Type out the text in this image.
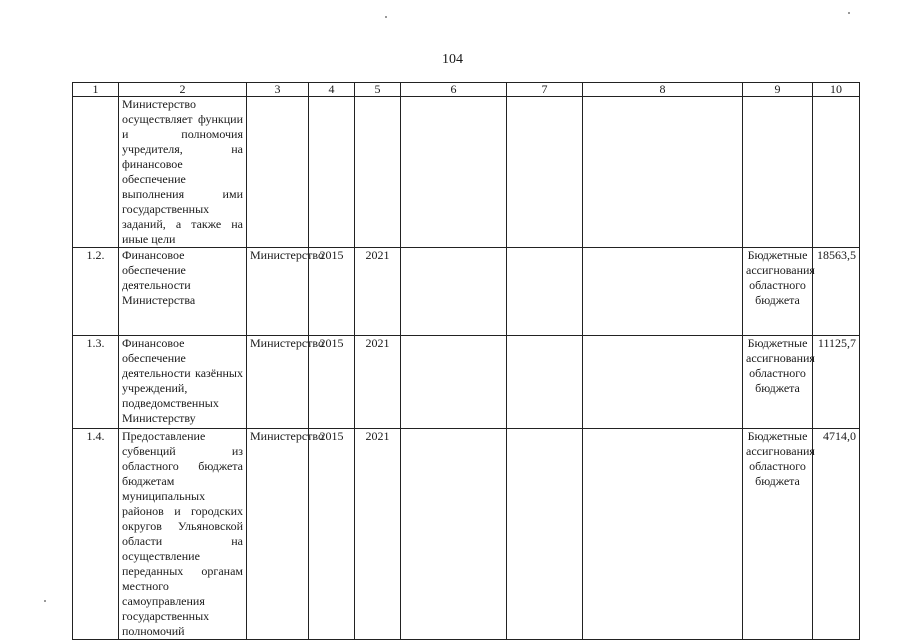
104
1	2	3	4	5	6	7	8	9	10
	Министерство осуществляет функции и полномочия учредителя, на финансовое обеспечение выполнения ими государственных заданий, а также на иные цели								
1.2.	Финансовое обеспечение деятельности Министерства	Министерство	2015	2021				Бюджетные ассигнования областного бюджета	18563,5
1.3.	Финансовое обеспечение деятельности казённых учреждений, подведомственных Министерству	Министерство	2015	2021				Бюджетные ассигнования областного бюджета	11125,7
1.4.	Предоставление субвенций из областного бюджета бюджетам муниципальных районов и городских округов Ульяновской области на осуществление переданных органам местного самоуправления государственных полномочий	Министерство	2015	2021				Бюджетные ассигнования областного бюджета	4714,0
